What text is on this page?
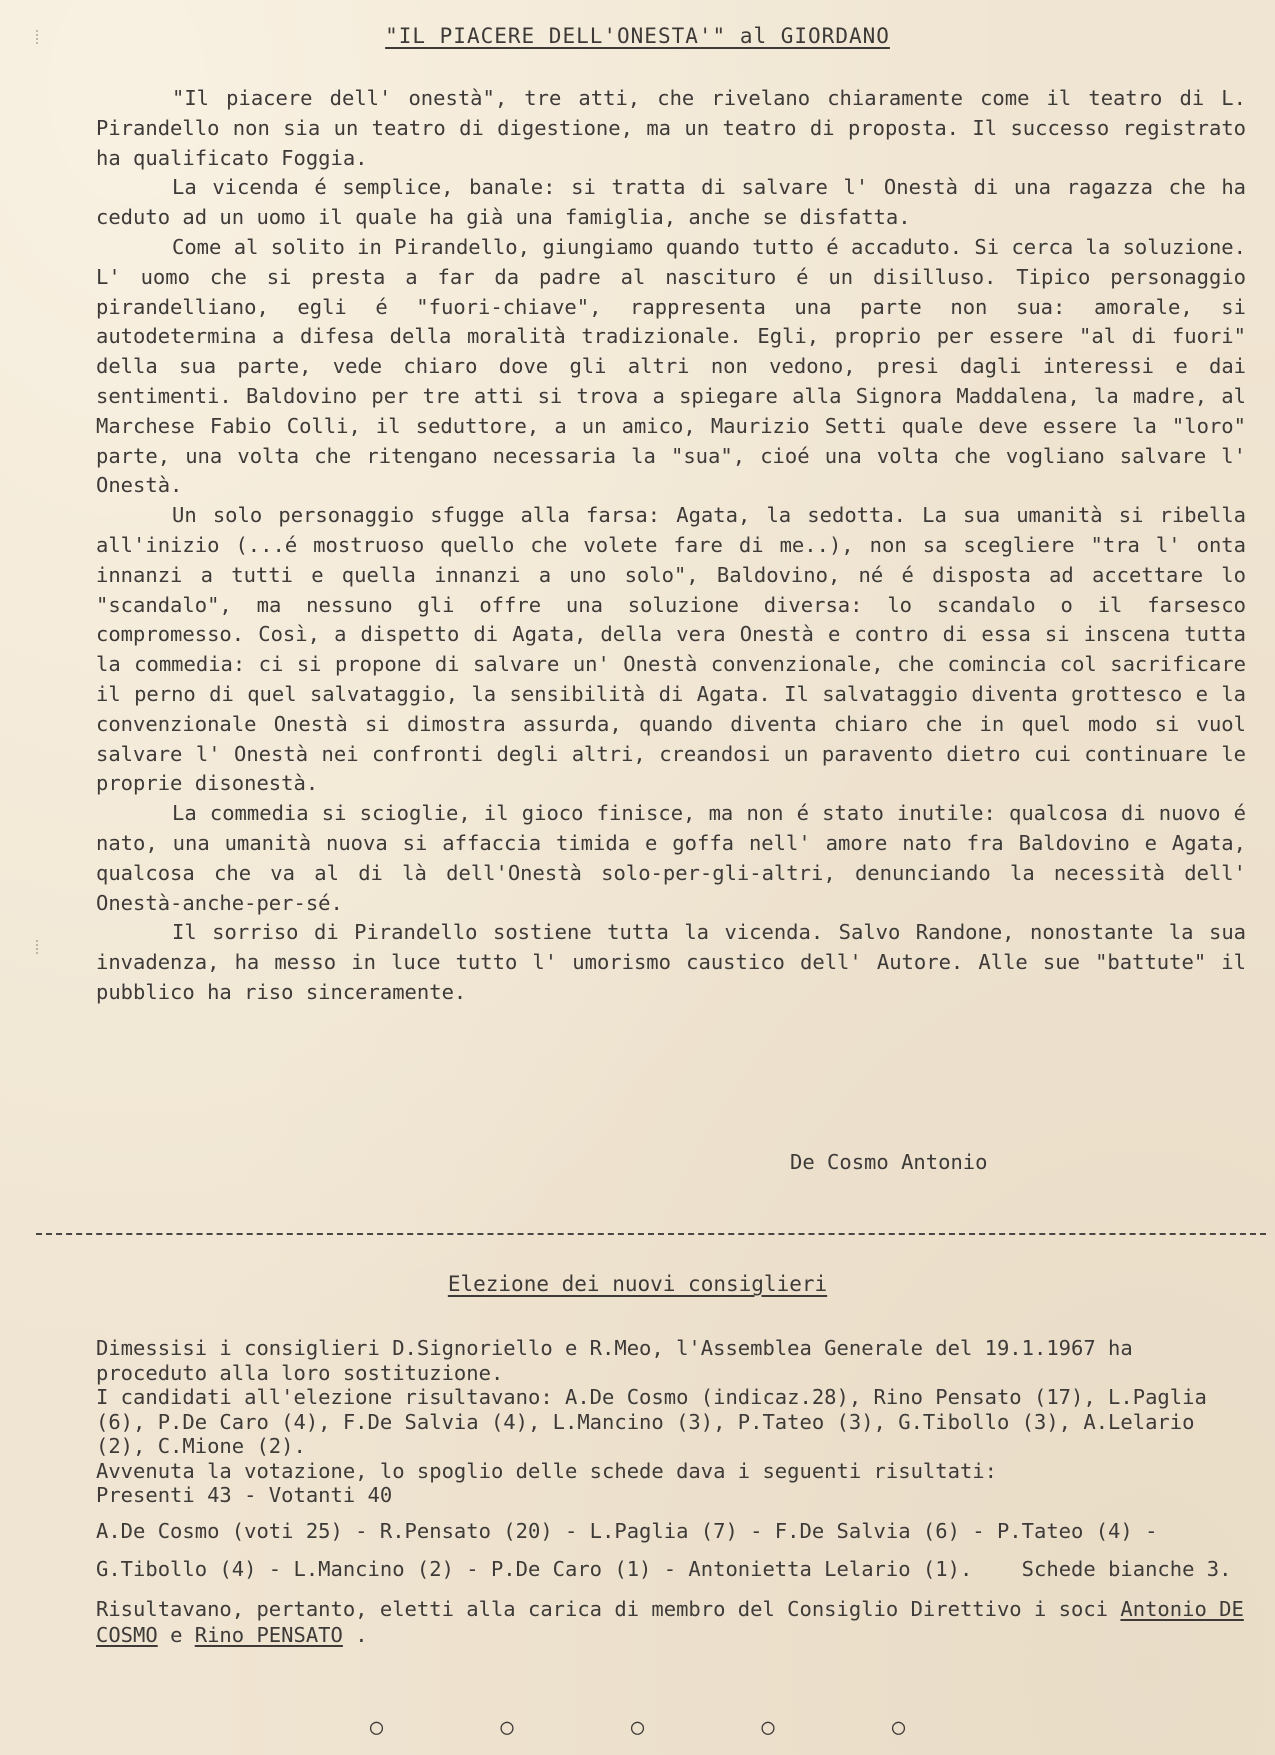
"IL PIACERE DELL'ONESTA'" al GIORDANO

"Il piacere dell' onestà", tre atti, che rivelano chiaramente come il teatro di L. Pirandello non sia un teatro di digestione, ma un teatro di proposta. Il successo registrato ha qualificato Foggia.

La vicenda é semplice, banale: si tratta di salvare l' Onestà di una ragazza che ha ceduto ad un uomo il quale ha già una famiglia, anche se disfatta.

Come al solito in Pirandello, giungiamo quando tutto é accaduto. Si cerca la soluzione. L' uomo che si presta a far da padre al nascituro é un disilluso. Tipico personaggio pirandelliano, egli é "fuori-chiave", rappresenta una parte non sua: amorale, si autodetermina a difesa della moralità tradizionale. Egli, proprio per essere "al di fuori" della sua parte, vede chiaro dove gli altri non vedono, presi dagli interessi e dai sentimenti. Baldovino per tre atti si trova a spiegare alla Signora Maddalena, la madre, al Marchese Fabio Colli, il seduttore, a un amico, Maurizio Setti quale deve essere la "loro" parte, una volta che ritengano necessaria la "sua", cioé una volta che vogliano salvare l' Onestà.

Un solo personaggio sfugge alla farsa: Agata, la sedotta. La sua umanità si ribella all'inizio (...é mostruoso quello che volete fare di me..), non sa scegliere "tra l' onta innanzi a tutti e quella innanzi a uno solo", Baldovino, né é disposta ad accettare lo "scandalo", ma nessuno gli offre una soluzione diversa: lo scandalo o il farsesco compromesso. Così, a dispetto di Agata, della vera Onestà e contro di essa si inscena tutta la commedia: ci si propone di salvare un' Onestà convenzionale, che comincia col sacrificare il perno di quel salvataggio, la sensibilità di Agata. Il salvataggio diventa grottesco e la convenzionale Onestà si dimostra assurda, quando diventa chiaro che in quel modo si vuol salvare l' Onestà nei confronti degli altri, creandosi un paravento dietro cui continuare le proprie disonestà.

La commedia si scioglie, il gioco finisce, ma non é stato inutile: qualcosa di nuovo é nato, una umanità nuova si affaccia timida e goffa nell' amore nato fra Baldovino e Agata, qualcosa che va al di là dell'Onestà solo-per-gli-altri, denunciando la necessità dell' Onestà-anche-per-sé.

Il sorriso di Pirandello sostiene tutta la vicenda. Salvo Randone, nonostante la sua invadenza, ha messo in luce tutto l' umorismo caustico dell' Autore. Alle sue "battute" il pubblico ha riso sinceramente.

De Cosmo Antonio
Elezione dei nuovi consiglieri

Dimessisi i consiglieri D.Signoriello e R.Meo, l'Assemblea Generale del 19.1.1967 ha proceduto alla loro sostituzione.

I candidati all'elezione risultavano: A.De Cosmo (indicaz.28), Rino Pensato (17), L.Paglia (6), P.De Caro (4), F.De Salvia (4), L.Mancino (3), P.Tateo (3), G.Tibollo (3), A.Lelario (2), C.Mione (2).

Avvenuta la votazione, lo spoglio delle schede dava i seguenti risultati:

Presenti 43 - Votanti 40

A.De Cosmo (voti 25) - R.Pensato (20) - L.Paglia (7) - F.De Salvia (6) - P.Tateo (4) - G.Tibollo (4) - L.Mancino (2) - P.De Caro (1) - Antonietta Lelario (1). Schede bianche 3.

Risultavano, pertanto, eletti alla carica di membro del Consiglio Direttivo i soci Antonio DE COSMO e Rino PENSATO .

○ ○ ○ ○ ○
